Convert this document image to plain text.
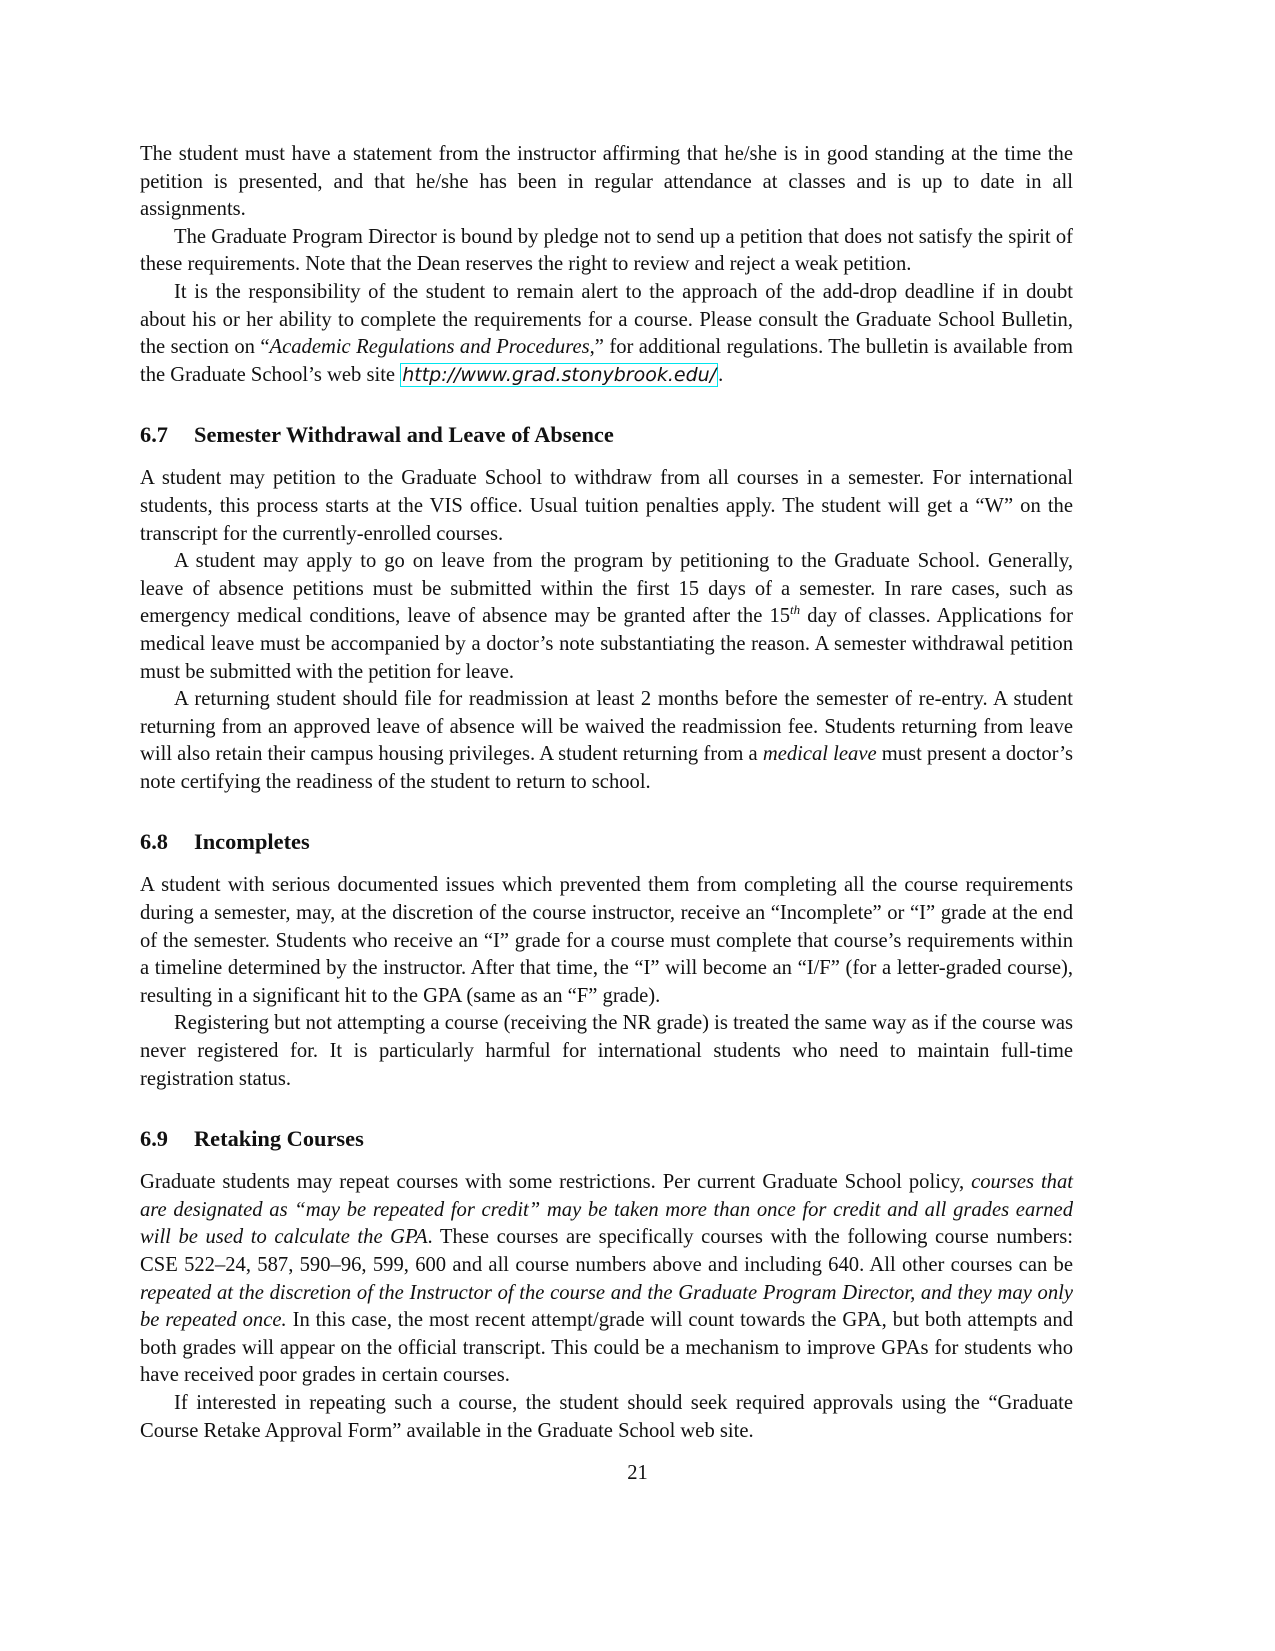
The student must have a statement from the instructor affirming that he/she is in good standing at the time the petition is presented, and that he/she has been in regular attendance at classes and is up to date in all assignments.

The Graduate Program Director is bound by pledge not to send up a petition that does not satisfy the spirit of these requirements. Note that the Dean reserves the right to review and reject a weak petition.

It is the responsibility of the student to remain alert to the approach of the add-drop deadline if in doubt about his or her ability to complete the requirements for a course. Please consult the Graduate School Bulletin, the section on “Academic Regulations and Procedures,” for additional regulations. The bulletin is available from the Graduate School’s web site http://www.grad.stonybrook.edu/.

6.7 Semester Withdrawal and Leave of Absence

A student may petition to the Graduate School to withdraw from all courses in a semester. For international students, this process starts at the VIS office. Usual tuition penalties apply. The student will get a “W” on the transcript for the currently-enrolled courses.

A student may apply to go on leave from the program by petitioning to the Graduate School. Generally, leave of absence petitions must be submitted within the first 15 days of a semester. In rare cases, such as emergency medical conditions, leave of absence may be granted after the 15th day of classes. Applications for medical leave must be accompanied by a doctor’s note substantiating the reason. A semester withdrawal petition must be submitted with the petition for leave.

A returning student should file for readmission at least 2 months before the semester of re-entry. A student returning from an approved leave of absence will be waived the readmission fee. Students returning from leave will also retain their campus housing privileges. A student returning from a medical leave must present a doctor’s note certifying the readiness of the student to return to school.

6.8 Incompletes

A student with serious documented issues which prevented them from completing all the course requirements during a semester, may, at the discretion of the course instructor, receive an “Incomplete” or “I” grade at the end of the semester. Students who receive an “I” grade for a course must complete that course’s requirements within a timeline determined by the instructor. After that time, the “I” will become an “I/F” (for a letter-graded course), resulting in a significant hit to the GPA (same as an “F” grade).

Registering but not attempting a course (receiving the NR grade) is treated the same way as if the course was never registered for. It is particularly harmful for international students who need to maintain full-time registration status.

6.9 Retaking Courses

Graduate students may repeat courses with some restrictions. Per current Graduate School policy, courses that are designated as “may be repeated for credit” may be taken more than once for credit and all grades earned will be used to calculate the GPA. These courses are specifically courses with the following course numbers: CSE 522–24, 587, 590–96, 599, 600 and all course numbers above and including 640. All other courses can be repeated at the discretion of the Instructor of the course and the Graduate Program Director, and they may only be repeated once. In this case, the most recent attempt/grade will count towards the GPA, but both attempts and both grades will appear on the official transcript. This could be a mechanism to improve GPAs for students who have received poor grades in certain courses.

If interested in repeating such a course, the student should seek required approvals using the “Graduate Course Retake Approval Form” available in the Graduate School web site.

21
